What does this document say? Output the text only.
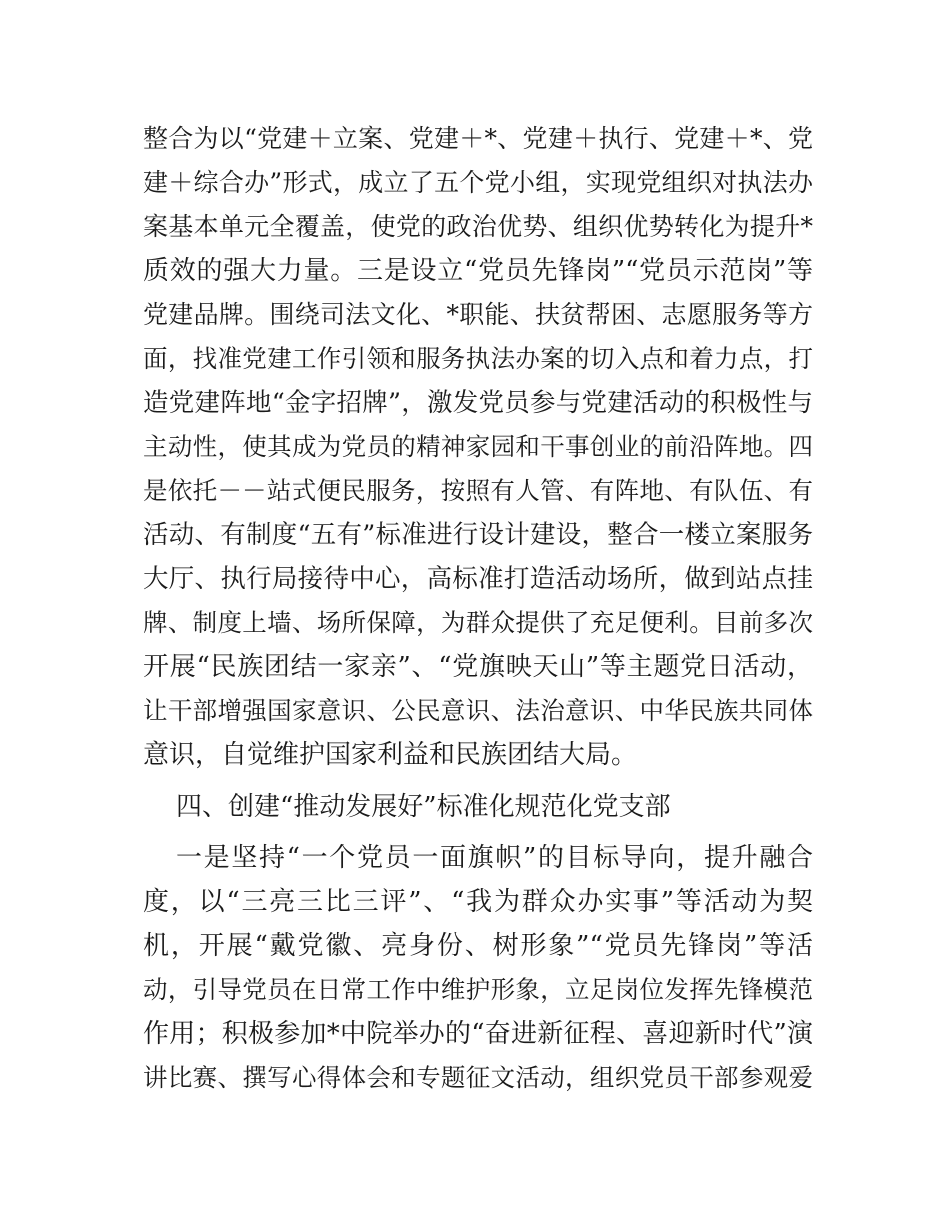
整合为以“党建＋立案、党建＋*、党建＋执行、党建＋*、党
建＋综合办”形式，成立了五个党小组，实现党组织对执法办
案基本单元全覆盖，使党的政治优势、组织优势转化为提升*
质效的强大力量。三是设立“党员先锋岗”“党员示范岗”等
党建品牌。围绕司法文化、*职能、扶贫帮困、志愿服务等方
面，找准党建工作引领和服务执法办案的切入点和着力点，打
造党建阵地“金字招牌”，激发党员参与党建活动的积极性与
主动性，使其成为党员的精神家园和干事创业的前沿阵地。四
是依托－－站式便民服务，按照有人管、有阵地、有队伍、有
活动、有制度“五有”标准进行设计建设，整合一楼立案服务
大厅、执行局接待中心，高标准打造活动场所，做到站点挂
牌、制度上墙、场所保障，为群众提供了充足便利。目前多次
开展“民族团结一家亲”、“党旗映天山”等主题党日活动，
让干部增强国家意识、公民意识、法治意识、中华民族共同体
意识，自觉维护国家利益和民族团结大局。
四、创建“推动发展好”标准化规范化党支部
一是坚持“一个党员一面旗帜”的目标导向，提升融合
度，以“三亮三比三评”、“我为群众办实事”等活动为契
机，开展“戴党徽、亮身份、树形象”“党员先锋岗”等活
动，引导党员在日常工作中维护形象，立足岗位发挥先锋模范
作用；积极参加*中院举办的“奋进新征程、喜迎新时代”演
讲比赛、撰写心得体会和专题征文活动，组织党员干部参观爱
